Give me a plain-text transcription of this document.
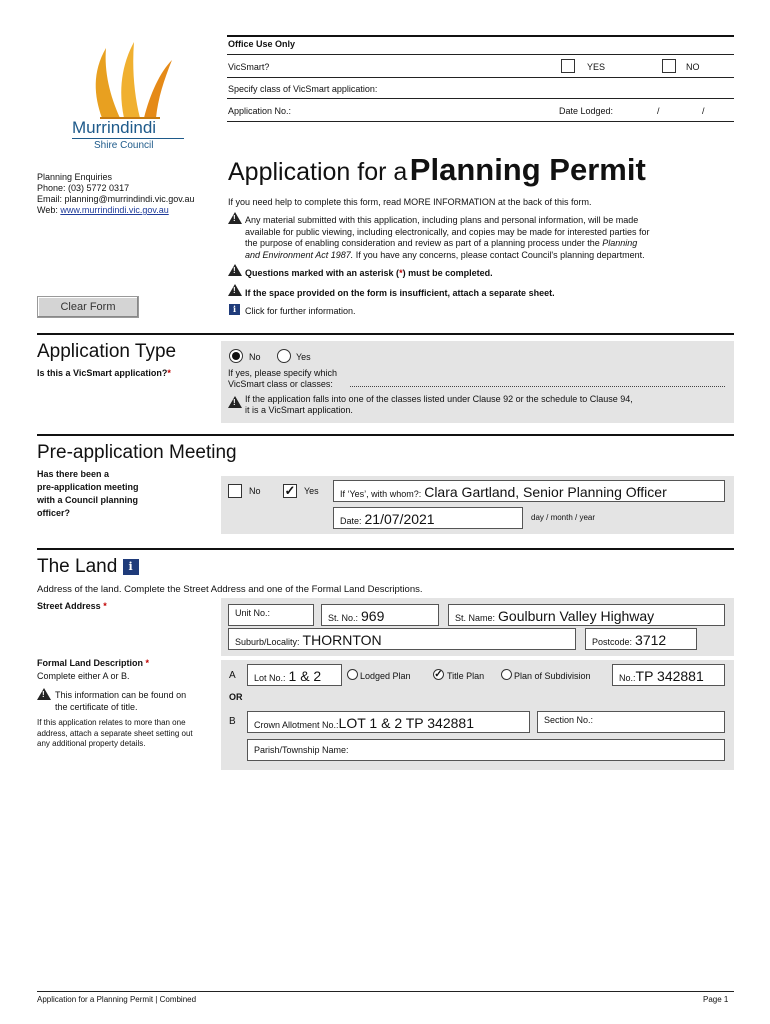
Murrindindi
Shire Council
Planning Enquiries
Phone: (03) 5772 0317
Email: planning@murrindindi.vic.gov.au
Web: www.murrindindi.vic.gov.au
Office Use Only
VicSmart?	YES	NO
Specify class of VicSmart application:
Application No.:	Date Lodged:	/	/
Application for a Planning Permit
If you need help to complete this form, read MORE INFORMATION at the back of this form.
!
Any material submitted with this application, including plans and personal information, will be made
available for public viewing, including electronically, and copies may be made for interested parties for
the purpose of enabling consideration and review as part of a planning process under the Planning
and Environment Act 1987. If you have any concerns, please contact Council's planning department.
!
Questions marked with an asterisk (*) must be completed.
!
If the space provided on the form is insufficient, attach a separate sheet.
i Click for further information.
Clear Form
Application Type
Is this a VicSmart application?*
No	Yes
If yes, please specify which
VicSmart class or classes:
!
If the application falls into one of the classes listed under Clause 92 or the schedule to Clause 94,
it is a VicSmart application.
Pre-application Meeting
Has there been a
pre-application meeting
with a Council planning
officer?
No ✓ Yes	If ‘Yes’, with whom?: Clara Gartland, Senior Planning Officer
Date: 21/07/2021	day / month / year
The Land i
Address of the land. Complete the Street Address and one of the Formal Land Descriptions.
Street Address *
Unit No.:	St. No.: 969	St. Name: Goulburn Valley Highway
Suburb/Locality: THORNTON	Postcode: 3712
Formal Land Description *
Complete either A or B.
!
This information can be found on
the certificate of title.
If this application relates to more than one
address, attach a separate sheet setting out
any additional property details.
A	Lot No.: 1 & 2	Lodged Plan ✓ Title Plan	Plan of Subdivision	No.:TP 342881
OR
B	Crown Allotment No.:LOT 1 & 2 TP 342881	Section No.:
Parish/Township Name:
Application for a Planning Permit | Combined	Page 1
